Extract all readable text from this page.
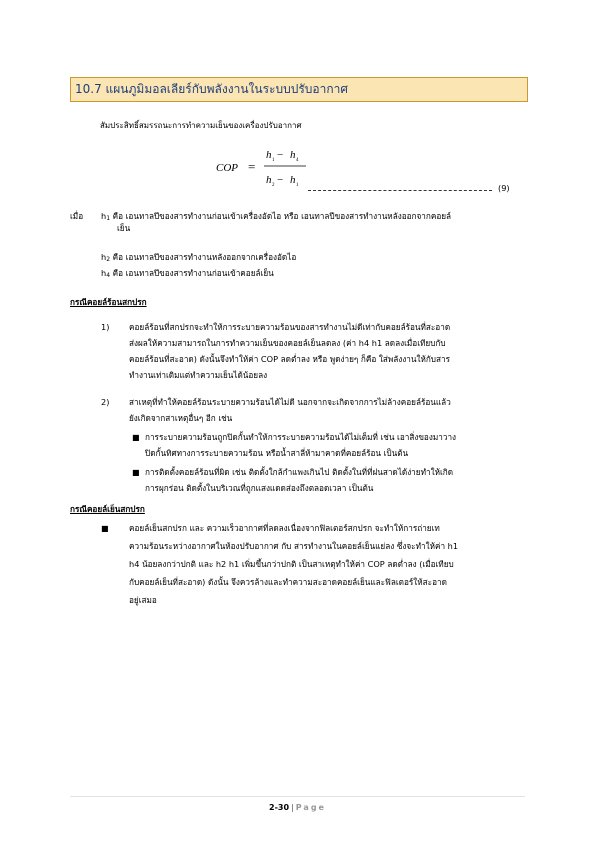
10.7 แผนภูมิมอลเลียร์กับพลังงานในระบบปรับอากาศ
สัมประสิทธิ์สมรรถนะการทำความเย็นของเครื่องปรับอากาศ
COP =
h 1 − h 4
h 2 − h 1	(9)
เมื่อ $h_1$ คือ เอนทาลปีของสารทำงานก่อนเข้าเครื่องอัดไอ หรือ เอนทาลปีของสารทำงานหลังออกจากคอยล์
เย็น
$h_2$ คือ เอนทาลปีของสารทำงานหลังออกจากเครื่องอัดไอ
$h_4$ คือ เอนทาลปีของสารทำงานก่อนเข้าคอยล์เย็น
กรณีคอยล์ร้อนสกปรก
1) คอยล์ร้อนที่สกปรกจะทำให้การระบายความร้อนของสารทำงานไม่ดีเท่ากับคอยล์ร้อนที่สะอาด
ส่งผลให้ความสามารถในการทำความเย็นของคอยล์เย็นลดลง (ค่า h4 h1 ลดลงเมื่อเทียบกับ
คอยล์ร้อนที่สะอาด) ดังนั้นจึงทำให้ค่า COP ลดต่ำลง หรือ พูดง่ายๆ ก็คือ ใส่พลังงานให้กับสาร
ทำงานเท่าเดิมแต่ทำความเย็นได้น้อยลง
2) สาเหตุที่ทำให้คอยล์ร้อนระบายความร้อนได้ไม่ดี นอกจากจะเกิดจากการไม่ล้างคอยล์ร้อนแล้ว
ยังเกิดจากสาเหตุอื่นๆ อีก เช่น
■ การระบายความร้อนถูกปิดกั้นทำให้การระบายความร้อนได้ไม่เต็มที่ เช่น เอาสิ่งของมาวาง
ปิดกั้นทิศทางการระบายความร้อน หรือน้ำสาลี่ห้ามาคาดที่คอยล์ร้อน เป็นต้น
■ การติดตั้งคอยล์ร้อนที่ผิด เช่น ติดตั้งใกล้กำแพงเกินไป ติดตั้งในที่ที่ฝนสาดได้ง่ายทำให้เกิด
การผุกร่อน ติดตั้งในบริเวณที่ถูกแสงแดดส่องถึงตลอดเวลา เป็นต้น
กรณีคอยล์เย็นสกปรก
■ คอยล์เย็นสกปรก และ ความเร็วอากาศที่ลดลงเนื่องจากฟิลเตอร์สกปรก จะทำให้การถ่ายเท
ความร้อนระหว่างอากาศในห้องปรับอากาศ กับ สารทำงานในคอยล์เย็นแย่ลง ซึ่งจะทำให้ค่า h1
h4 น้อยลงกว่าปกติ และ h2 h1 เพิ่มขึ้นกว่าปกติ เป็นสาเหตุทำให้ค่า COP ลดต่ำลง (เมื่อเทียบ
กับคอยล์เย็นที่สะอาด) ดังนั้น จึงควรล้างและทำความสะอาดคอยล์เย็นและฟิลเตอร์ให้สะอาด
อยู่เสมอ
2-30 | Page
